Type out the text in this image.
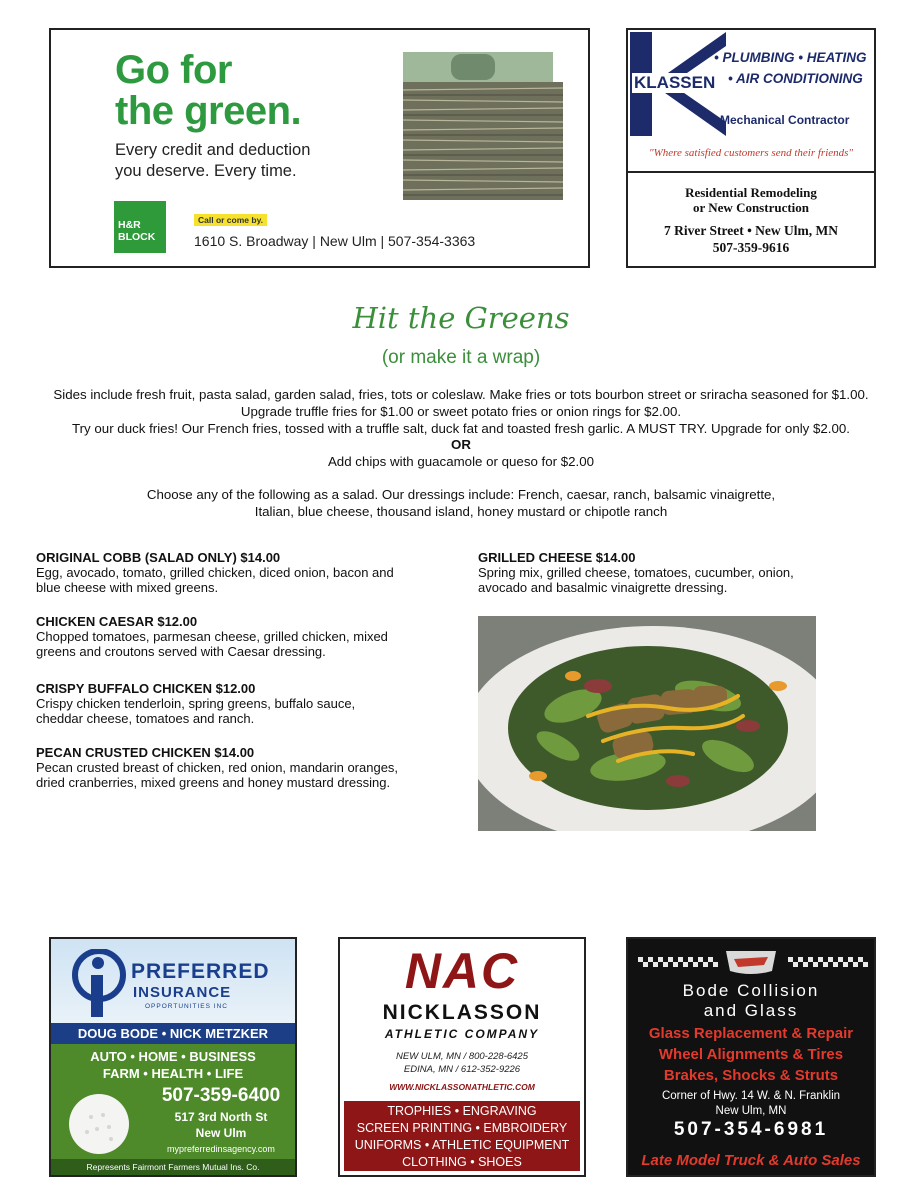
Go for
the green.
Every credit and deduction
you deserve. Every time.
H&R
BLOCK
Call or come by.
1610 S. Broadway | New Ulm | 507-354-3363
KLASSEN
• PLUMBING • HEATING
• AIR CONDITIONING
Mechanical Contractor
"Where satisfied customers send their friends"
Residential Remodeling
or New Construction
7 River Street • New Ulm, MN
507-359-9616
Hit the Greens
(or make it a wrap)
Sides include fresh fruit, pasta salad, garden salad, fries, tots or coleslaw. Make fries or tots bourbon street or sriracha seasoned for $1.00.
Upgrade truffle fries for $1.00 or sweet potato fries or onion rings for $2.00.
Try our duck fries! Our French fries, tossed with a truffle salt, duck fat and toasted fresh garlic. A MUST TRY. Upgrade for only $2.00.
OR
Add chips with guacamole or queso for $2.00
Choose any of the following as a salad. Our dressings include: French, caesar, ranch, balsamic vinaigrette,
Italian, blue cheese, thousand island, honey mustard or chipotle ranch
ORIGINAL COBB (SALAD ONLY) $14.00
Egg, avocado, tomato, grilled chicken, diced onion, bacon and
blue cheese with mixed greens.
CHICKEN CAESAR $12.00
Chopped tomatoes, parmesan cheese, grilled chicken, mixed
greens and croutons served with Caesar dressing.
CRISPY BUFFALO CHICKEN $12.00
Crispy chicken tenderloin, spring greens, buffalo sauce,
cheddar cheese, tomatoes and ranch.
PECAN CRUSTED CHICKEN $14.00
Pecan crusted breast of chicken, red onion, mandarin oranges,
dried cranberries, mixed greens and honey mustard dressing.
GRILLED CHEESE $14.00
Spring mix, grilled cheese, tomatoes, cucumber, onion,
avocado and basalmic vinaigrette dressing.
PREFERRED
INSURANCE
OPPORTUNITIES INC
DOUG BODE • NICK METZKER
AUTO • HOME • BUSINESS
FARM • HEALTH • LIFE
507-359-6400
517 3rd North St
New Ulm
mypreferredinsagency.com
Represents Fairmont Farmers Mutual Ins. Co.
NAC
NICKLASSON
ATHLETIC COMPANY
NEW ULM, MN / 800-228-6425
EDINA, MN / 612-352-9226
WWW.NICKLASSONATHLETIC.COM
TROPHIES • ENGRAVING
SCREEN PRINTING • EMBROIDERY
UNIFORMS • ATHLETIC EQUIPMENT
CLOTHING • SHOES
Bode Collision
and Glass
Glass Replacement & Repair
Wheel Alignments & Tires
Brakes, Shocks & Struts
Corner of Hwy. 14 W. & N. Franklin
New Ulm, MN
507-354-6981
Late Model Truck & Auto Sales
